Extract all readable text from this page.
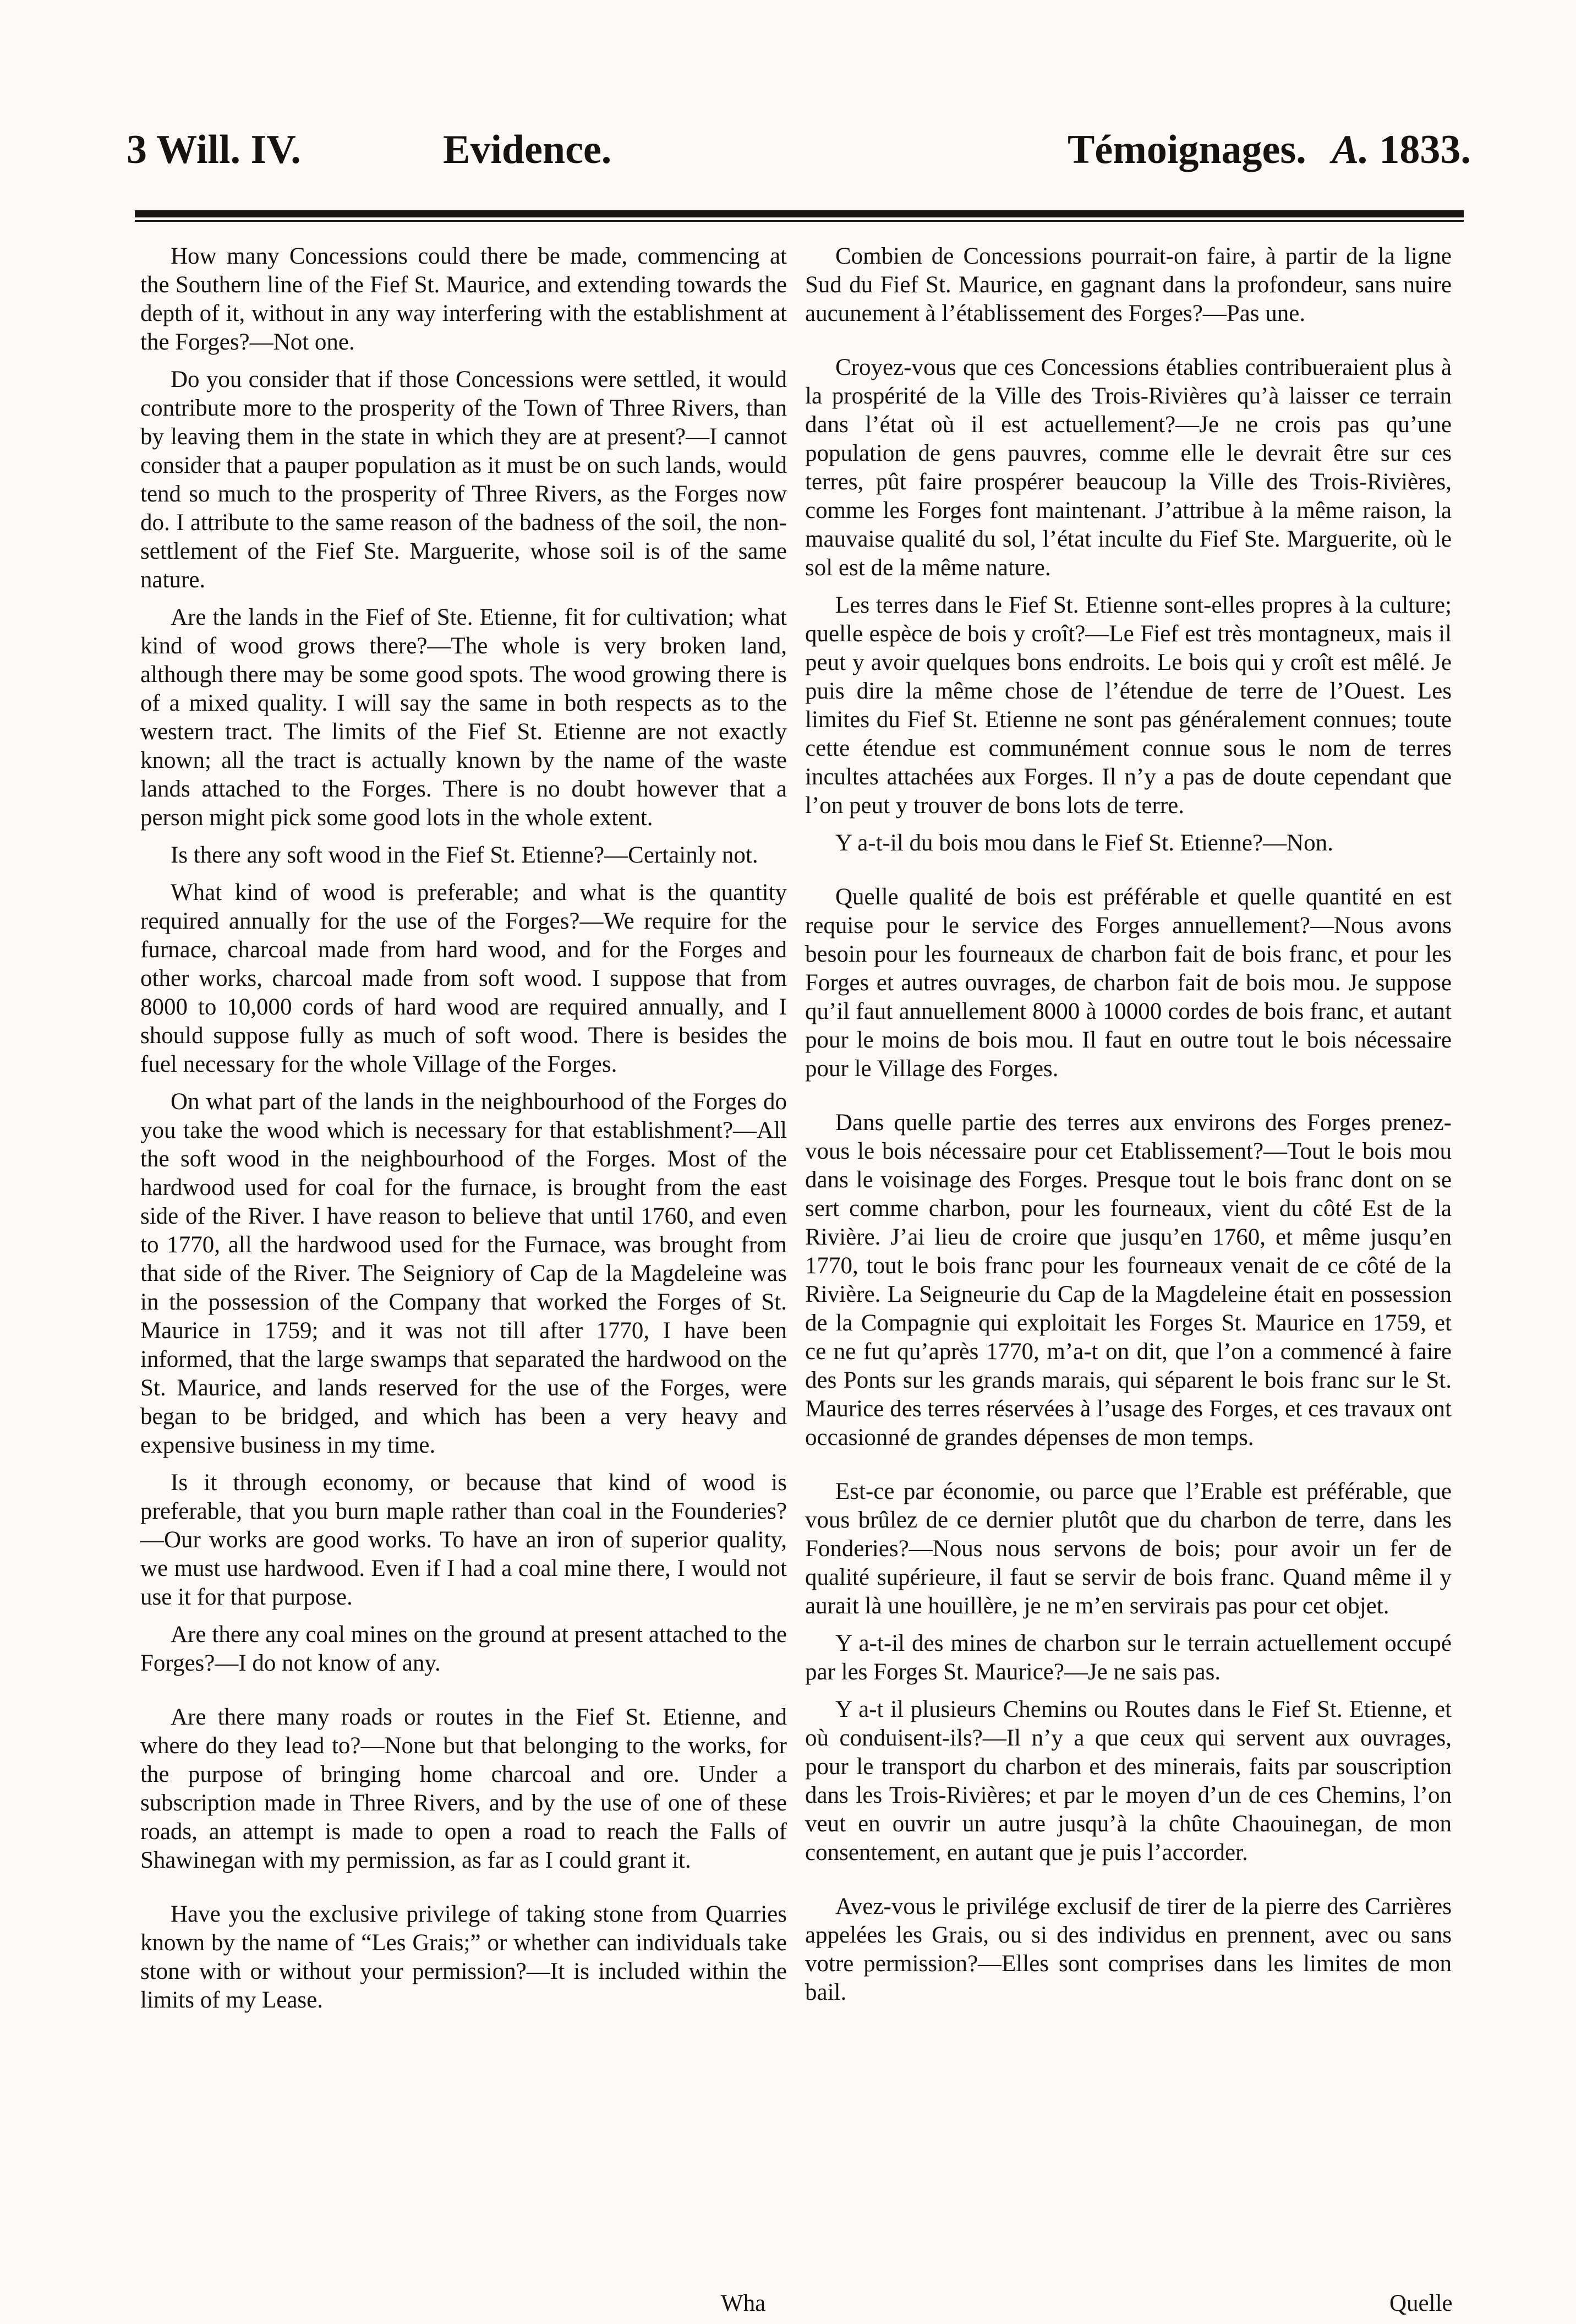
3 Will. IV.	Evidence.	Témoignages. A. 1833.

How many Concessions could there be made, commencing at the Southern line of the Fief St. Maurice, and extending towards the depth of it, without in any way interfering with the establishment at the Forges?—Not one.

Do you consider that if those Concessions were settled, it would contribute more to the prosperity of the Town of Three Rivers, than by leaving them in the state in which they are at present?—I cannot consider that a pauper population as it must be on such lands, would tend so much to the prosperity of Three Rivers, as the Forges now do. I attribute to the same reason of the badness of the soil, the non-settlement of the Fief Ste. Marguerite, whose soil is of the same nature.

Are the lands in the Fief of Ste. Etienne, fit for cultivation; what kind of wood grows there?—The whole is very broken land, although there may be some good spots. The wood growing there is of a mixed quality. I will say the same in both respects as to the western tract. The limits of the Fief St. Etienne are not exactly known; all the tract is actually known by the name of the waste lands attached to the Forges. There is no doubt however that a person might pick some good lots in the whole extent.

Is there any soft wood in the Fief St. Etienne?—Certainly not.

What kind of wood is preferable; and what is the quantity required annually for the use of the Forges?—We require for the furnace, charcoal made from hard wood, and for the Forges and other works, charcoal made from soft wood. I suppose that from 8000 to 10,000 cords of hard wood are required annually, and I should suppose fully as much of soft wood. There is besides the fuel necessary for the whole Village of the Forges.

On what part of the lands in the neighbourhood of the Forges do you take the wood which is necessary for that establishment?—All the soft wood in the neighbourhood of the Forges. Most of the hardwood used for coal for the furnace, is brought from the east side of the River. I have reason to believe that until 1760, and even to 1770, all the hardwood used for the Furnace, was brought from that side of the River. The Seigniory of Cap de la Magdeleine was in the possession of the Company that worked the Forges of St. Maurice in 1759; and it was not till after 1770, I have been informed, that the large swamps that separated the hardwood on the St. Maurice, and lands reserved for the use of the Forges, were began to be bridged, and which has been a very heavy and expensive business in my time.

Is it through economy, or because that kind of wood is preferable, that you burn maple rather than coal in the Founderies?—Our works are good works. To have an iron of superior quality, we must use hardwood. Even if I had a coal mine there, I would not use it for that purpose.

Are there any coal mines on the ground at present attached to the Forges?—I do not know of any.

Are there many roads or routes in the Fief St. Etienne, and where do they lead to?—None but that belonging to the works, for the purpose of bringing home charcoal and ore. Under a subscription made in Three Rivers, and by the use of one of these roads, an attempt is made to open a road to reach the Falls of Shawinegan with my permission, as far as I could grant it.

Have you the exclusive privilege of taking stone from Quarries known by the name of “Les Grais;” or whether can individuals take stone with or without your permission?—It is included within the limits of my Lease.

Combien de Concessions pourrait-on faire, à partir de la ligne Sud du Fief St. Maurice, en gagnant dans la profondeur, sans nuire aucunement à l’établissement des Forges?—Pas une.

Croyez-vous que ces Concessions établies contribueraient plus à la prospérité de la Ville des Trois-Rivières qu’à laisser ce terrain dans l’état où il est actuellement?—Je ne crois pas qu’une population de gens pauvres, comme elle le devrait être sur ces terres, pût faire prospérer beaucoup la Ville des Trois-Rivières, comme les Forges font maintenant. J’attribue à la même raison, la mauvaise qualité du sol, l’état inculte du Fief Ste. Marguerite, où le sol est de la même nature.

Les terres dans le Fief St. Etienne sont-elles propres à la culture; quelle espèce de bois y croît?—Le Fief est très montagneux, mais il peut y avoir quelques bons endroits. Le bois qui y croît est mêlé. Je puis dire la même chose de l’étendue de terre de l’Ouest. Les limites du Fief St. Etienne ne sont pas généralement connues; toute cette étendue est communément connue sous le nom de terres incultes attachées aux Forges. Il n’y a pas de doute cependant que l’on peut y trouver de bons lots de terre.

Y a-t-il du bois mou dans le Fief St. Etienne?—Non.

Quelle qualité de bois est préférable et quelle quantité en est requise pour le service des Forges annuellement?—Nous avons besoin pour les fourneaux de charbon fait de bois franc, et pour les Forges et autres ouvrages, de charbon fait de bois mou. Je suppose qu’il faut annuellement 8000 à 10000 cordes de bois franc, et autant pour le moins de bois mou. Il faut en outre tout le bois nécessaire pour le Village des Forges.

Dans quelle partie des terres aux environs des Forges prenez-vous le bois nécessaire pour cet Etablissement?—Tout le bois mou dans le voisinage des Forges. Presque tout le bois franc dont on se sert comme charbon, pour les fourneaux, vient du côté Est de la Rivière. J’ai lieu de croire que jusqu’en 1760, et même jusqu’en 1770, tout le bois franc pour les fourneaux venait de ce côté de la Rivière. La Seigneurie du Cap de la Magdeleine était en possession de la Compagnie qui exploitait les Forges St. Maurice en 1759, et ce ne fut qu’après 1770, m’a-t on dit, que l’on a commencé à faire des Ponts sur les grands marais, qui séparent le bois franc sur le St. Maurice des terres réservées à l’usage des Forges, et ces travaux ont occasionné de grandes dépenses de mon temps.

Est-ce par économie, ou parce que l’Erable est préférable, que vous brûlez de ce dernier plutôt que du charbon de terre, dans les Fonderies?—Nous nous servons de bois; pour avoir un fer de qualité supérieure, il faut se servir de bois franc. Quand même il y aurait là une houillère, je ne m’en servirais pas pour cet objet.

Y a-t-il des mines de charbon sur le terrain actuellement occupé par les Forges St. Maurice?—Je ne sais pas.

Y a-t il plusieurs Chemins ou Routes dans le Fief St. Etienne, et où conduisent-ils?—Il n’y a que ceux qui servent aux ouvrages, pour le transport du charbon et des minerais, faits par souscription dans les Trois-Rivières; et par le moyen d’un de ces Chemins, l’on veut en ouvrir un autre jusqu’à la chûte Chaouinegan, de mon consentement, en autant que je puis l’accorder.

Avez-vous le privilége exclusif de tirer de la pierre des Carrières appelées les Grais, ou si des individus en prennent, avec ou sans votre permission?—Elles sont comprises dans les limites de mon bail.

Wha	Quelle
